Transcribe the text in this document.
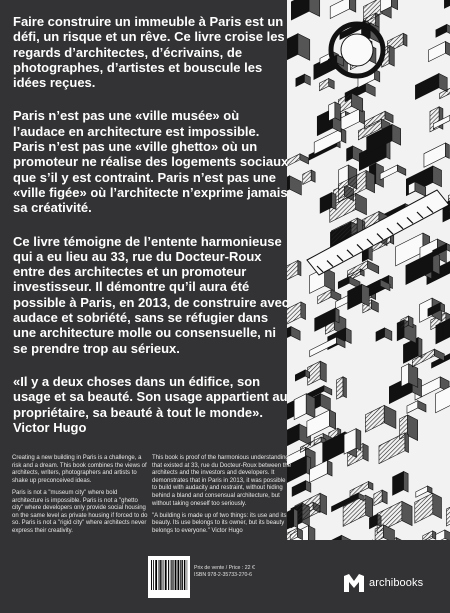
Faire construire un immeuble à Paris est un défi, un risque et un rêve. Ce livre croise les regards d’architectes, d’écrivains, de photographes, d’artistes et bouscule les idées reçues.

Paris n’est pas une «ville musée» où l’audace en architecture est impossible. Paris n’est pas une «ville ghetto» où un promoteur ne réalise des logements sociaux que s’il y est contraint. Paris n’est pas une «ville figée» où l’architecte n’exprime jamais sa créativité.

Ce livre témoigne de l’entente harmonieuse qui a eu lieu au 33, rue du Docteur-Roux entre des architectes et un promoteur investisseur. Il démontre qu’il aura été possible à Paris, en 2013, de construire avec audace et sobriété, sans se réfugier dans une architecture molle ou consensuelle, ni se prendre trop au sérieux.

«Il y a deux choses dans un édifice, son usage et sa beauté. Son usage appartient au propriétaire, sa beauté à tout le monde». Victor Hugo

Creating a new building in Paris is a challenge, a risk and a dream. This book combines the views of architects, writers, photographers and artists to shake up preconceived ideas.

Paris is not a "museum city" where bold architecture is impossible. Paris is not a "ghetto city" where developers only provide social housing on the same level as private housing if forced to do so. Paris is not a "rigid city" where architects never express their creativity.

This book is proof of the harmonious understanding that existed at 33, rue du Docteur-Roux between the architects and the investors and developers. It demonstrates that in Paris in 2013, it was possible to build with audacity and restraint, without hiding behind a bland and consensual architecture, but without taking oneself too seriously.

"A building is made up of two things: its use and its beauty. Its use belongs to its owner, but its beauty belongs to everyone." Victor Hugo

Prix de vente / Price : 22 €
ISBN 978-2-35733-270-6
archibooks
